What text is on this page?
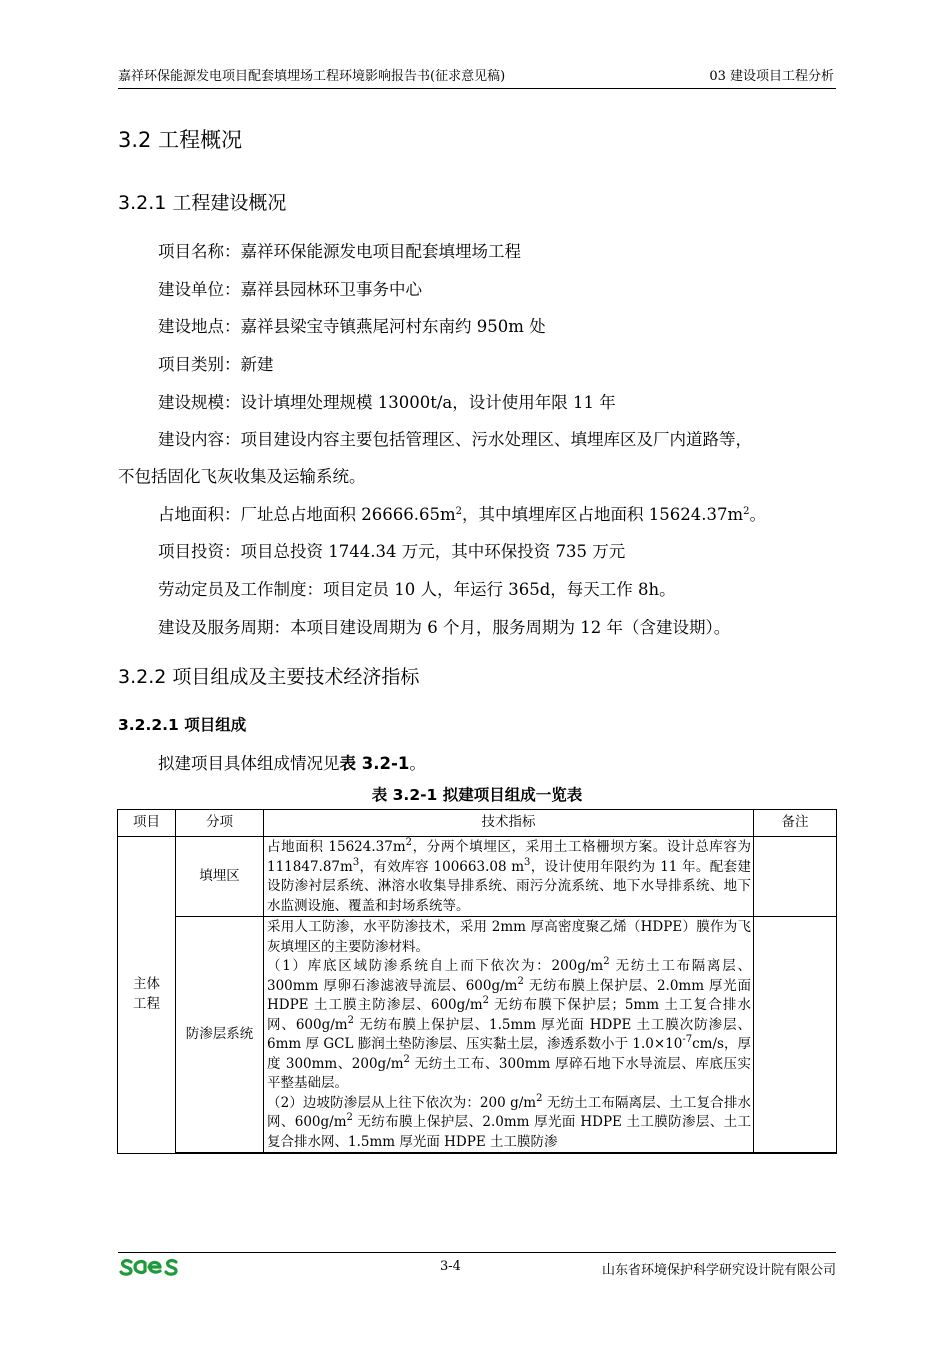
嘉祥环保能源发电项目配套填埋场工程环境影响报告书(征求意见稿)	03 建设项目工程分析
3.2 工程概况
3.2.1 工程建设概况
项目名称：嘉祥环保能源发电项目配套填埋场工程
建设单位：嘉祥县园林环卫事务中心
建设地点：嘉祥县梁宝寺镇燕尾河村东南约 950m 处
项目类别：新建
建设规模：设计填埋处理规模 13000t/a，设计使用年限 11 年
建设内容：项目建设内容主要包括管理区、污水处理区、填埋库区及厂内道路等，
不包括固化飞灰收集及运输系统。
占地面积：厂址总占地面积 $26666.65m^2$，其中填埋库区占地面积 $15624.37m^2$。
项目投资：项目总投资 1744.34 万元，其中环保投资 735 万元
劳动定员及工作制度：项目定员 10 人，年运行 365d，每天工作 8h。
建设及服务周期：本项目建设周期为 6 个月，服务周期为 12 年（含建设期）。
3.2.2 项目组成及主要技术经济指标
3.2.2.1 项目组成
拟建项目具体组成情况见表 3.2-1。
表 3.2-1 拟建项目组成一览表
项目	分项	技术指标	备注
主体
工程	填埋区	占地面积 $15624.37m^2$，分两个填埋区，采用土工格栅坝方案。设计总库容为 $111847.87m^3$，有效库容 100663.08 $m^3$，设计使用年限约为 11 年。配套建设防渗衬层系统、淋溶水收集导排系统、雨污分流系统、地下水导排系统、地下水监测设施、覆盖和封场系统等。	
	防渗层系统	采用人工防渗，水平防渗技术，采用 2mm 厚高密度聚乙烯（HDPE）膜作为飞灰填埋区的主要防渗材料。
（1）库底区域防渗系统自上而下依次为：$200g/m^2$ 无纺土工布隔离层、300mm 厚卵石渗滤液导流层、$600g/m^2$ 无纺布膜上保护层、2.0mm 厚光面 HDPE 土工膜主防渗层、$600g/m^2$ 无纺布膜下保护层；5mm 土工复合排水网、$600g/m^2$ 无纺布膜上保护层、1.5mm 厚光面 HDPE 土工膜次防渗层、6mm 厚 GCL 膨润土垫防渗层、压实黏土层，渗透系数小于 $1.0\times 10^{-7}cm/s$，厚度 300mm、$200g/m^2$ 无纺土工布、300mm 厚碎石地下水导流层、库底压实平整基础层。
（2）边坡防渗层从上往下依次为：200 $g/m^2$ 无纺土工布隔离层、土工复合排水网、$600g/m^2$ 无纺布膜上保护层、2.0mm 厚光面 HDPE 土工膜防渗层、土工复合排水网、1.5mm 厚光面 HDPE 土工膜防渗	
3-4	山东省环境保护科学研究设计院有限公司
